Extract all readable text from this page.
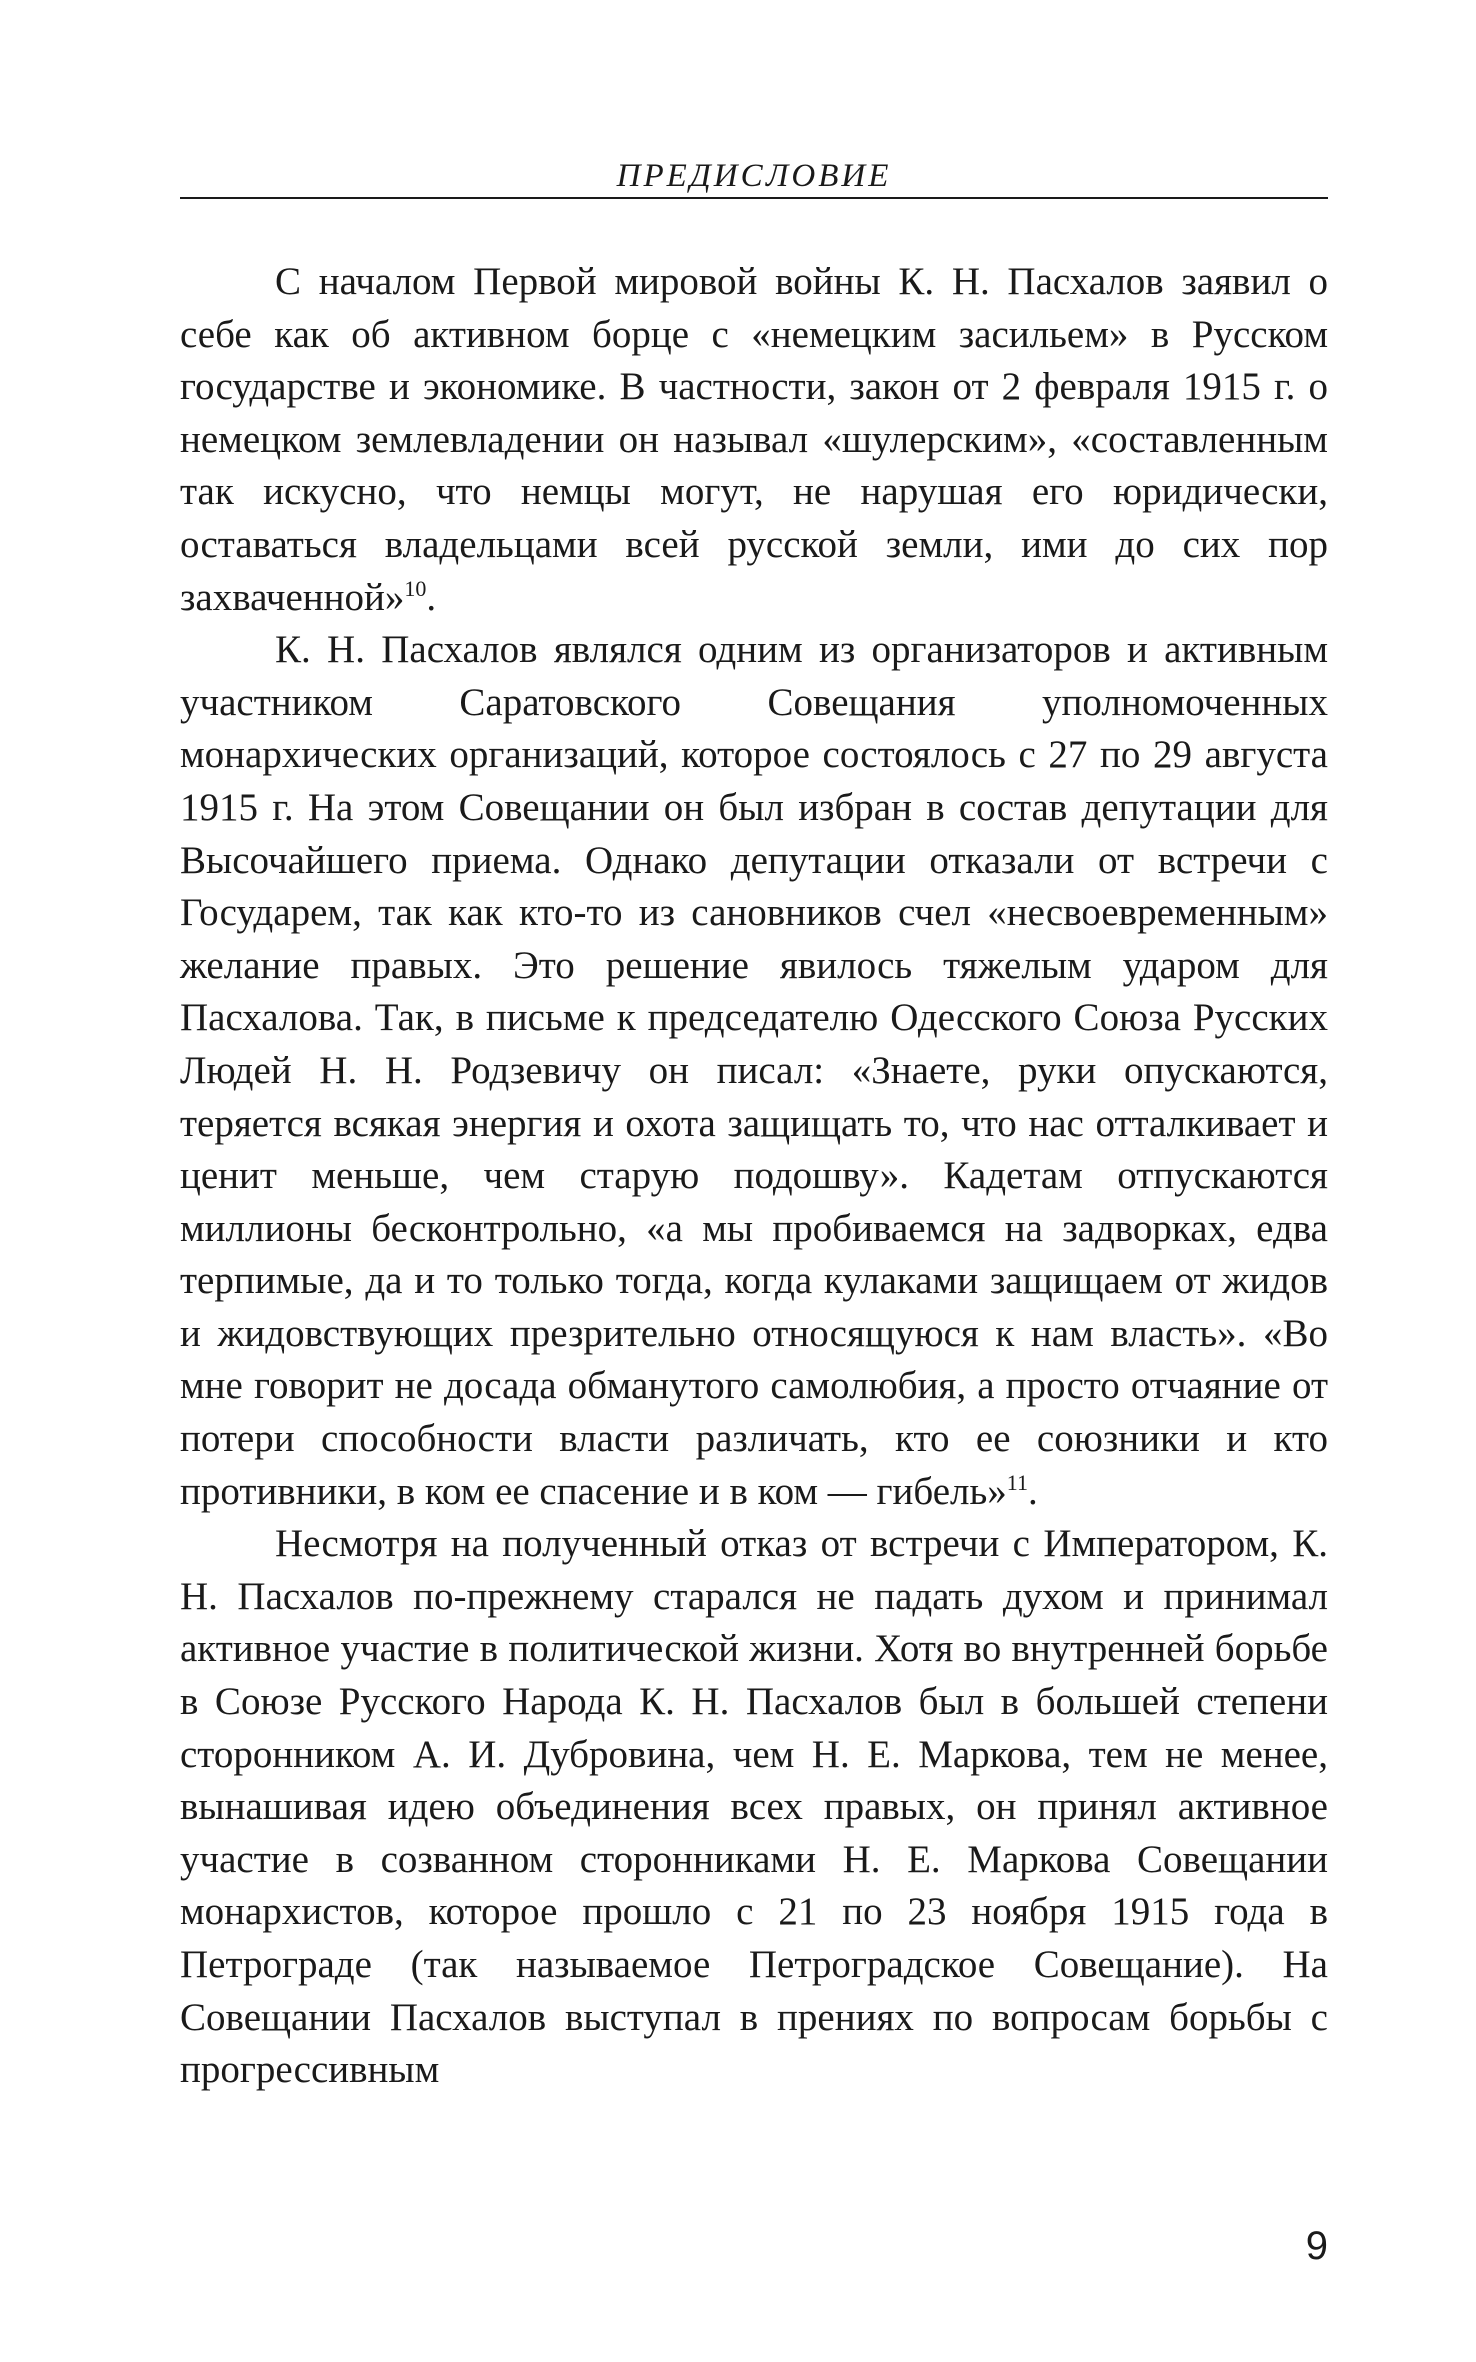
ПРЕДИСЛОВИЕ

С началом Первой мировой войны К. Н. Пасхалов заявил о себе как об активном борце с «немецким засильем» в Русском государстве и экономике. В частности, закон от 2 февраля 1915 г. о немецком землевладении он называл «шулерским», «составленным так искусно, что немцы могут, не нарушая его юридически, оставаться владельцами всей русской земли, ими до сих пор захваченной»$^{10}$.

К. Н. Пасхалов являлся одним из организаторов и активным участником Саратовского Совещания уполномоченных монархических организаций, которое состоялось с 27 по 29 августа 1915 г. На этом Совещании он был избран в состав депутации для Высочайшего приема. Однако депутации отказали от встречи с Государем, так как кто-то из сановников счел «несвоевременным» желание правых. Это решение явилось тяжелым ударом для Пасхалова. Так, в письме к председателю Одесского Союза Русских Людей Н. Н. Родзевичу он писал: «Знаете, руки опускаются, теряется всякая энергия и охота защищать то, что нас отталкивает и ценит меньше, чем старую подошву». Кадетам отпускаются миллионы бесконтрольно, «а мы пробиваемся на задворках, едва терпимые, да и то только тогда, когда кулаками защищаем от жидов и жидовствующих презрительно относящуюся к нам власть». «Во мне говорит не досада обманутого самолюбия, а просто отчаяние от потери способности власти различать, кто ее союзники и кто противники, в ком ее спасение и в ком — гибель»$^{11}$.

Несмотря на полученный отказ от встречи с Императором, К. Н. Пасхалов по-прежнему старался не падать духом и принимал активное участие в политической жизни. Хотя во внутренней борьбе в Союзе Русского Народа К. Н. Пасхалов был в большей степени сторонником А. И. Дубровина, чем Н. Е. Маркова, тем не менее, вынашивая идею объединения всех правых, он принял активное участие в созванном сторонниками Н. Е. Маркова Совещании монархистов, которое прошло с 21 по 23 ноября 1915 года в Петрограде (так называемое Петроградское Совещание). На Совещании Пасхалов выступал в прениях по вопросам борьбы с прогрессивным

9
